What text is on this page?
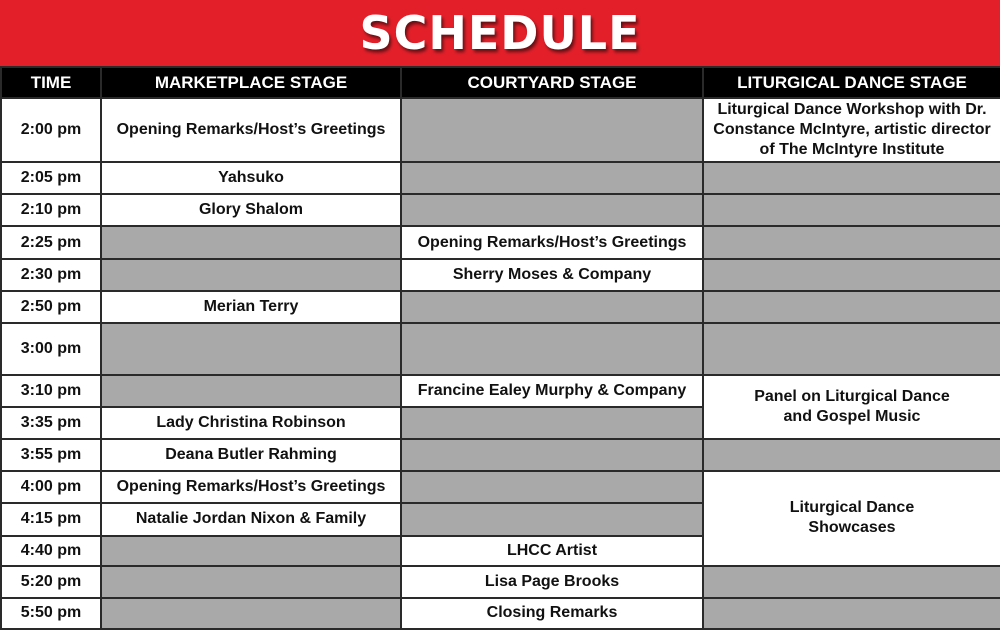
SCHEDULE
TIME	MARKETPLACE STAGE	COURTYARD STAGE	LITURGICAL DANCE STAGE
2:00 pm	Opening Remarks/Host’s Greetings		Liturgical Dance Workshop with Dr. Constance McIntyre, artistic director of The McIntyre Institute
2:05 pm	Yahsuko		
2:10 pm	Glory Shalom		
2:25 pm		Opening Remarks/Host’s Greetings	
2:30 pm		Sherry Moses & Company	
2:50 pm	Merian Terry		
3:00 pm			
3:10 pm		Francine Ealey Murphy & Company	Panel on Liturgical Dance and Gospel Music
3:35 pm	Lady Christina Robinson		
3:55 pm	Deana Butler Rahming		
4:00 pm	Opening Remarks/Host’s Greetings		Liturgical Dance Showcases
4:15 pm	Natalie Jordan Nixon & Family		
4:40 pm		LHCC Artist	
5:20 pm		Lisa Page Brooks	
5:50 pm		Closing Remarks	
